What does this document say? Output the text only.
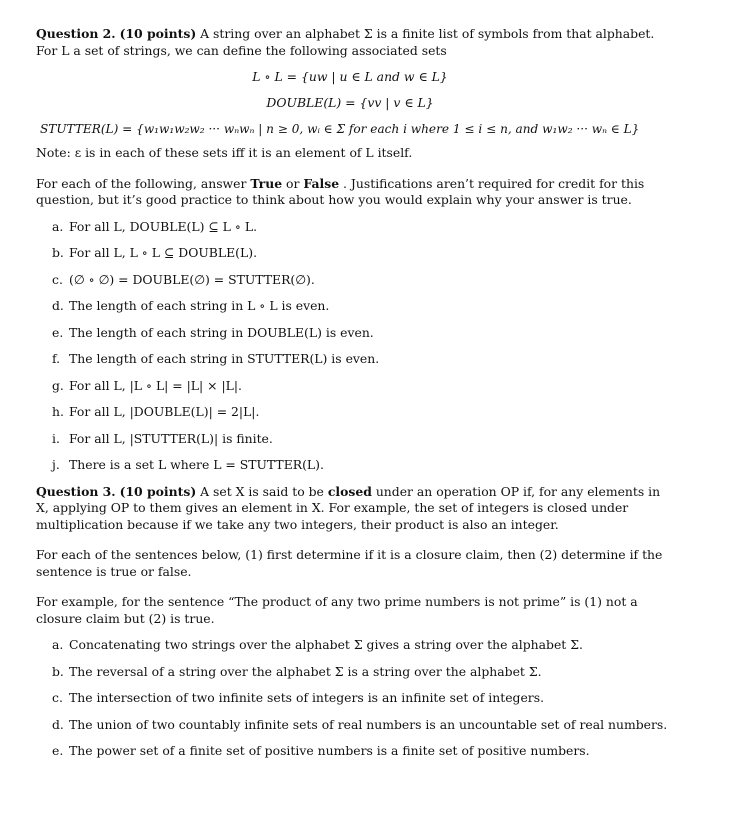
Question 2. (10 points) A string over an alphabet Σ is a finite list of symbols from that alphabet. For L a set of strings, we can define the following associated sets

L ∘ L = {uw | u ∈ L and w ∈ L}

DOUBLE(L) = {vv | v ∈ L}

STUTTER(L) = {w₁w₁w₂w₂ ··· wₙwₙ | n ≥ 0, wᵢ ∈ Σ for each i where 1 ≤ i ≤ n, and w₁w₂ ··· wₙ ∈ L}

Note: ε is in each of these sets iff it is an element of L itself.

For each of the following, answer True or False . Justifications aren’t required for credit for this question, but it’s good practice to think about how you would explain why your answer is true.

a. For all L, DOUBLE(L) ⊆ L ∘ L.
b. For all L, L ∘ L ⊆ DOUBLE(L).
c. (∅ ∘ ∅) = DOUBLE(∅) = STUTTER(∅).
d. The length of each string in L ∘ L is even.
e. The length of each string in DOUBLE(L) is even.
f. The length of each string in STUTTER(L) is even.
g. For all L, |L ∘ L| = |L| × |L|.
h. For all L, |DOUBLE(L)| = 2|L|.
i. For all L, |STUTTER(L)| is finite.
j. There is a set L where L = STUTTER(L).

Question 3. (10 points) A set X is said to be closed under an operation OP if, for any elements in X, applying OP to them gives an element in X. For example, the set of integers is closed under multiplication because if we take any two integers, their product is also an integer.

For each of the sentences below, (1) first determine if it is a closure claim, then (2) determine if the sentence is true or false.

For example, for the sentence “The product of any two prime numbers is not prime” is (1) not a closure claim but (2) is true.

a. Concatenating two strings over the alphabet Σ gives a string over the alphabet Σ.
b. The reversal of a string over the alphabet Σ is a string over the alphabet Σ.
c. The intersection of two infinite sets of integers is an infinite set of integers.
d. The union of two countably infinite sets of real numbers is an uncountable set of real numbers.
e. The power set of a finite set of positive numbers is a finite set of positive numbers.
